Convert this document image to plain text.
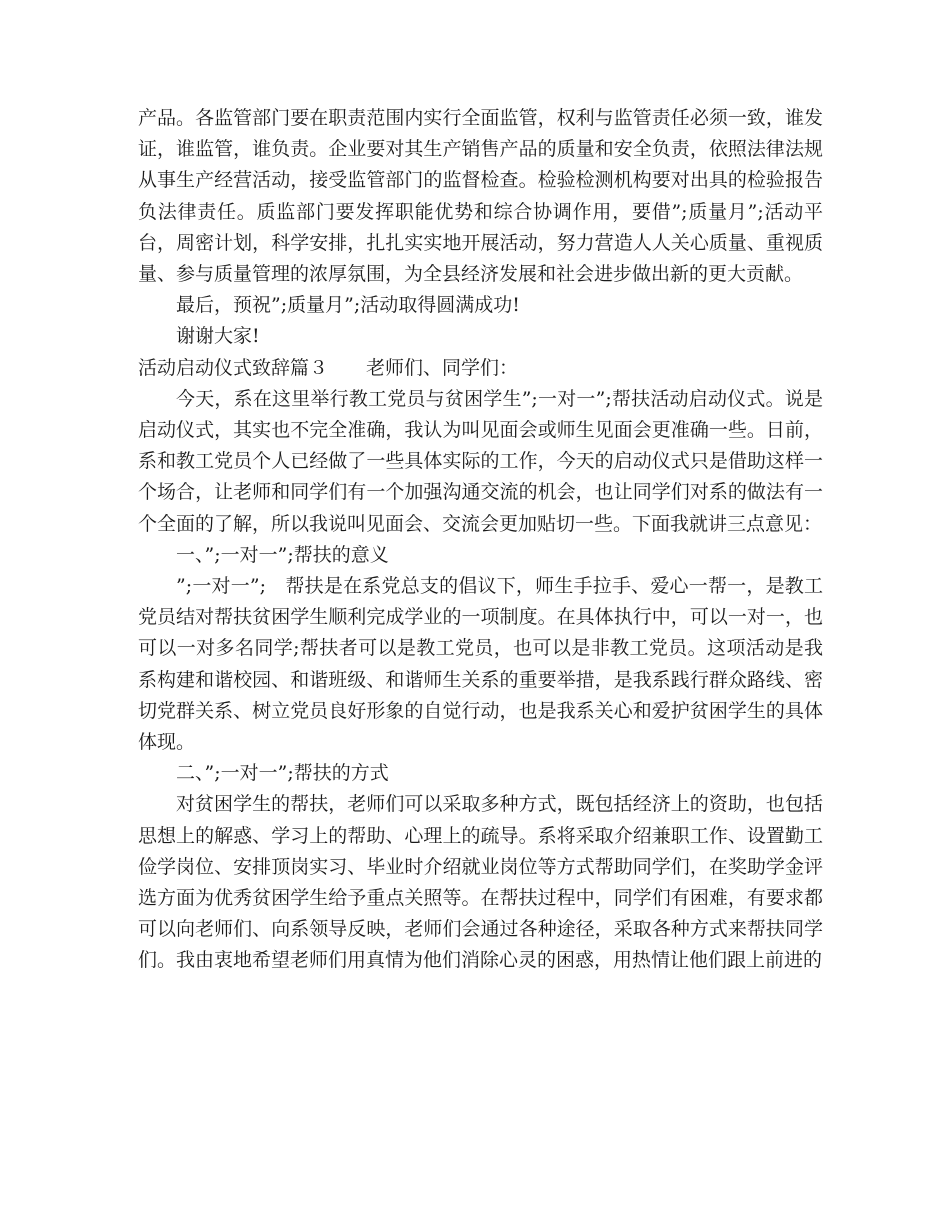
产品。各监管部门要在职责范围内实行全面监管，权利与监管责任必须一致，谁发证，谁监管，谁负责。企业要对其生产销售产品的质量和安全负责，依照法律法规从事生产经营活动，接受监管部门的监督检查。检验检测机构要对出具的检验报告负法律责任。质监部门要发挥职能优势和综合协调作用，要借”;质量月”;活动平台，周密计划，科学安排，扎扎实实地开展活动，努力营造人人关心质量、重视质量、参与质量管理的浓厚氛围，为全县经济发展和社会进步做出新的更大贡献。

最后，预祝”;质量月”;活动取得圆满成功!

谢谢大家!

活动启动仪式致辞篇３　　老师们、同学们：

今天，系在这里举行教工党员与贫困学生”;一对一”;帮扶活动启动仪式。说是启动仪式，其实也不完全准确，我认为叫见面会或师生见面会更准确一些。日前，系和教工党员个人已经做了一些具体实际的工作，今天的启动仪式只是借助这样一个场合，让老师和同学们有一个加强沟通交流的机会，也让同学们对系的做法有一个全面的了解，所以我说叫见面会、交流会更加贴切一些。下面我就讲三点意见：

一、”;一对一”;帮扶的意义

”;一对一”;　帮扶是在系党总支的倡议下，师生手拉手、爱心一帮一，是教工党员结对帮扶贫困学生顺利完成学业的一项制度。在具体执行中，可以一对一，也可以一对多名同学;帮扶者可以是教工党员，也可以是非教工党员。这项活动是我系构建和谐校园、和谐班级、和谐师生关系的重要举措，是我系践行群众路线、密切党群关系、树立党员良好形象的自觉行动，也是我系关心和爱护贫困学生的具体体现。

二、”;一对一”;帮扶的方式

对贫困学生的帮扶，老师们可以采取多种方式，既包括经济上的资助，也包括思想上的解惑、学习上的帮助、心理上的疏导。系将采取介绍兼职工作、设置勤工俭学岗位、安排顶岗实习、毕业时介绍就业岗位等方式帮助同学们，在奖助学金评选方面为优秀贫困学生给予重点关照等。在帮扶过程中，同学们有困难，有要求都可以向老师们、向系领导反映，老师们会通过各种途径，采取各种方式来帮扶同学们。我由衷地希望老师们用真情为他们消除心灵的困惑，用热情让他们跟上前进的
